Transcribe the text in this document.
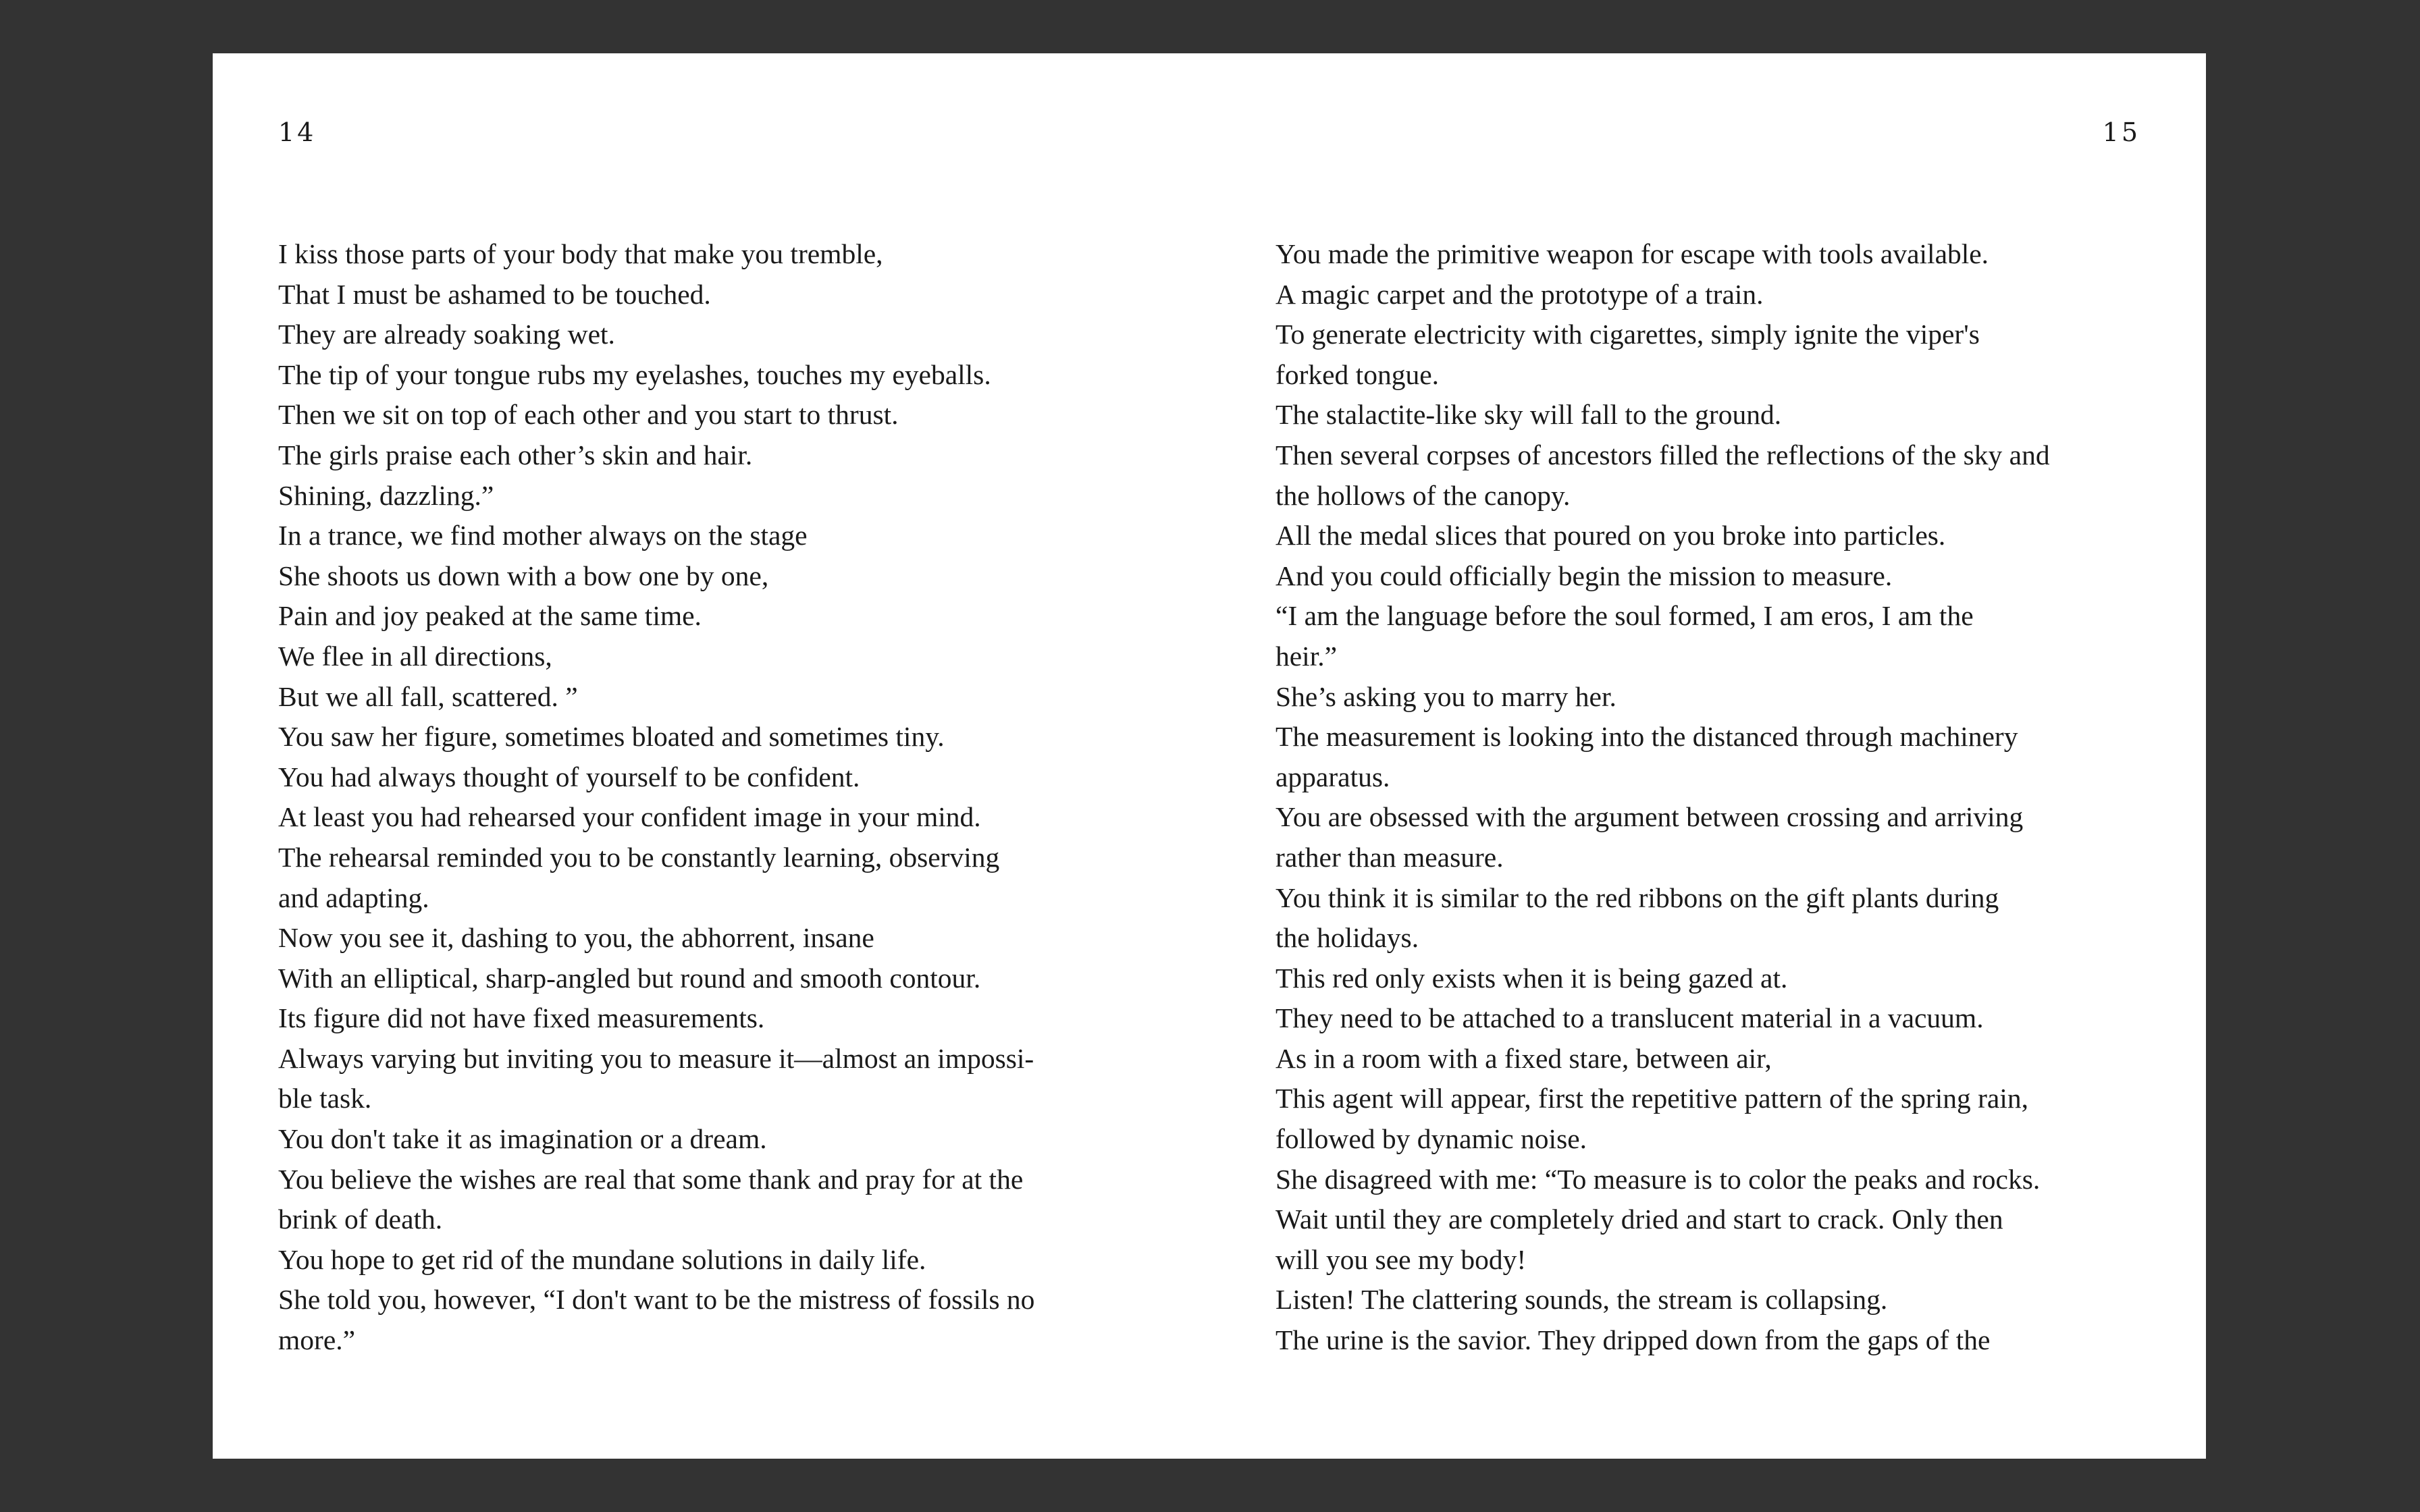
14
I kiss those parts of your body that make you tremble,
That I must be ashamed to be touched.
They are already soaking wet.
The tip of your tongue rubs my eyelashes, touches my eyeballs.
Then we sit on top of each other and you start to thrust.
The girls praise each other’s skin and hair.
Shining, dazzling.”
In a trance, we find mother always on the stage
She shoots us down with a bow one by one,
Pain and joy peaked at the same time.
We flee in all directions,
But we all fall, scattered. ”
You saw her figure, sometimes bloated and sometimes tiny.
You had always thought of yourself to be confident.
At least you had rehearsed your confident image in your mind.
The rehearsal reminded you to be constantly learning, observing
and adapting.
Now you see it, dashing to you, the abhorrent, insane
With an elliptical, sharp-angled but round and smooth contour.
Its figure did not have fixed measurements.
Always varying but inviting you to measure it—almost an impossi-
ble task.
You don't take it as imagination or a dream.
You believe the wishes are real that some thank and pray for at the
brink of death.
You hope to get rid of the mundane solutions in daily life.
She told you, however, “I don't want to be the mistress of fossils no
more.”
15
You made the primitive weapon for escape with tools available.
A magic carpet and the prototype of a train.
To generate electricity with cigarettes, simply ignite the viper's
forked tongue.
The stalactite-like sky will fall to the ground.
Then several corpses of ancestors filled the reflections of the sky and
the hollows of the canopy.
All the medal slices that poured on you broke into particles.
And you could officially begin the mission to measure.
“I am the language before the soul formed, I am eros, I am the
heir.”
She’s asking you to marry her.
The measurement is looking into the distanced through machinery
apparatus.
You are obsessed with the argument between crossing and arriving
rather than measure.
You think it is similar to the red ribbons on the gift plants during
the holidays.
This red only exists when it is being gazed at.
They need to be attached to a translucent material in a vacuum.
As in a room with a fixed stare, between air,
This agent will appear, first the repetitive pattern of the spring rain,
followed by dynamic noise.
She disagreed with me: “To measure is to color the peaks and rocks.
Wait until they are completely dried and start to crack. Only then
will you see my body!
Listen! The clattering sounds, the stream is collapsing.
The urine is the savior. They dripped down from the gaps of the
